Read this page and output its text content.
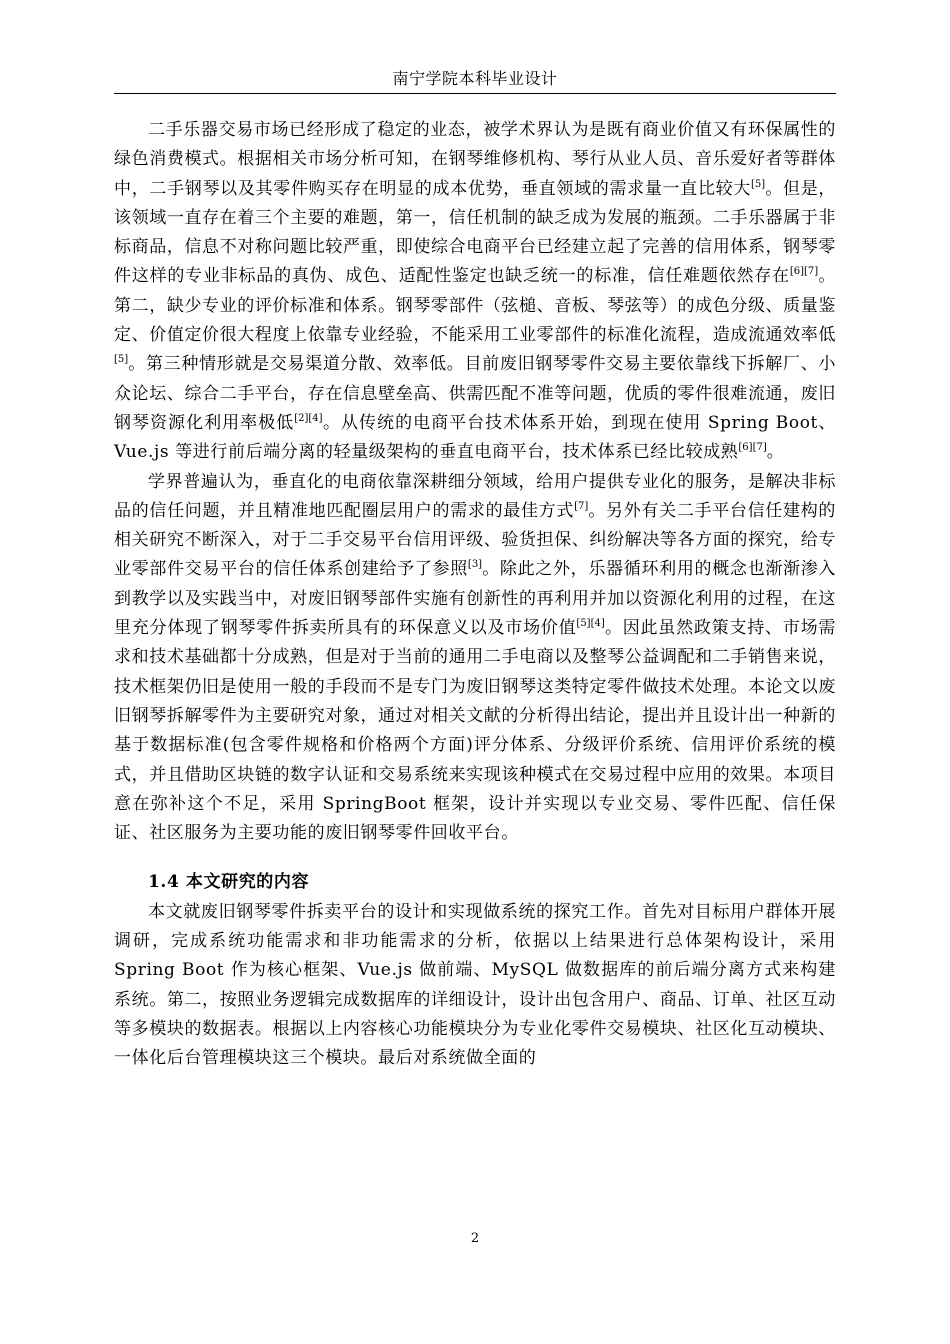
南宁学院本科毕业设计

二手乐器交易市场已经形成了稳定的业态，被学术界认为是既有商业价值又有环保属性的绿色消费模式。根据相关市场分析可知，在钢琴维修机构、琴行从业人员、音乐爱好者等群体中，二手钢琴以及其零件购买存在明显的成本优势，垂直领域的需求量一直比较大[5]。但是，该领域一直存在着三个主要的难题，第一，信任机制的缺乏成为发展的瓶颈。二手乐器属于非标商品，信息不对称问题比较严重，即使综合电商平台已经建立起了完善的信用体系，钢琴零件这样的专业非标品的真伪、成色、适配性鉴定也缺乏统一的标准，信任难题依然存在[6][7]。第二，缺少专业的评价标准和体系。钢琴零部件（弦槌、音板、琴弦等）的成色分级、质量鉴定、价值定价很大程度上依靠专业经验，不能采用工业零部件的标准化流程，造成流通效率低[5]。第三种情形就是交易渠道分散、效率低。目前废旧钢琴零件交易主要依靠线下拆解厂、小众论坛、综合二手平台，存在信息壁垒高、供需匹配不准等问题，优质的零件很难流通，废旧钢琴资源化利用率极低[2][4]。从传统的电商平台技术体系开始，到现在使用 Spring Boot、Vue.js 等进行前后端分离的轻量级架构的垂直电商平台，技术体系已经比较成熟[6][7]。

学界普遍认为，垂直化的电商依靠深耕细分领域，给用户提供专业化的服务，是解决非标品的信任问题，并且精准地匹配圈层用户的需求的最佳方式[7]。另外有关二手平台信任建构的相关研究不断深入，对于二手交易平台信用评级、验货担保、纠纷解决等各方面的探究，给专业零部件交易平台的信任体系创建给予了参照[3]。除此之外，乐器循环利用的概念也渐渐渗入到教学以及实践当中，对废旧钢琴部件实施有创新性的再利用并加以资源化利用的过程，在这里充分体现了钢琴零件拆卖所具有的环保意义以及市场价值[5][4]。因此虽然政策支持、市场需求和技术基础都十分成熟，但是对于当前的通用二手电商以及整琴公益调配和二手销售来说，技术框架仍旧是使用一般的手段而不是专门为废旧钢琴这类特定零件做技术处理。本论文以废旧钢琴拆解零件为主要研究对象，通过对相关文献的分析得出结论，提出并且设计出一种新的基于数据标准(包含零件规格和价格两个方面)评分体系、分级评价系统、信用评价系统的模式，并且借助区块链的数字认证和交易系统来实现该种模式在交易过程中应用的效果。本项目意在弥补这个不足，采用 SpringBoot 框架，设计并实现以专业交易、零件匹配、信任保证、社区服务为主要功能的废旧钢琴零件回收平台。

1.4 本文研究的内容

本文就废旧钢琴零件拆卖平台的设计和实现做系统的探究工作。首先对目标用户群体开展调研，完成系统功能需求和非功能需求的分析，依据以上结果进行总体架构设计，采用 Spring Boot 作为核心框架、Vue.js 做前端、MySQL 做数据库的前后端分离方式来构建系统。第二，按照业务逻辑完成数据库的详细设计，设计出包含用户、商品、订单、社区互动等多模块的数据表。根据以上内容核心功能模块分为专业化零件交易模块、社区化互动模块、一体化后台管理模块这三个模块。最后对系统做全面的

2
